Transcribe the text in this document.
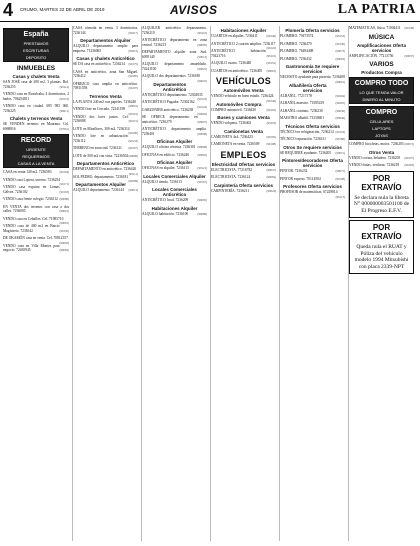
4 CRUMO, MARTES 22 DE ABRIL DE 2019	AVISOS	LA PATRIA
España
PRESTAMOS
ESCRITURAS
DEPOSITO
INMUEBLES
Casas y chalets Venta
SAN JOSÉ casa de 200 m2, 3 plantas. Ref. 7236255	(99114)
VENDO casa en Ruvalcaba, 4 dormitorios, 2 baños. 706254811	(99172)
VENDO casa en ciudad. 695 985 060. 7236225	(99011)
Chalets y terrenos Venta
SE VENDEN terrenos en Maurana. Cel. 6068816	(97061)
RECORD
URGENTE
REQUERIMOS
CASAS A LA VENTA
CASA en venta 140 m2. 7236583	(99104)
VENDO casa Lopera, terreno. 7236254
(99171)
VENDO casa esquina en Lomas Gálvez. 7236102	(99103)
VENDO casa frente colegio. 7236312 (99089)
EN VENTA dos terrenos con casa a dos calles. 7236005	(99016)
VENDO casa en Ceballos. Cel. 71985710
(99081)
VENDO casa de 400 m2 en Barrio Magisterio. 7236542	(99130)
DE OKAMÓN casa en venta. Cel. 70812557
(99002)
VENDO casa en Villa Montes para negocio. 72465945	(99062)
CASA cómoda en venta, 3 dormitorios. 7236144	(99217)
Departamentos Alquiler
ALQUILO departamento amplio para empresa. 71236065	(99212)
Casas y chalets Anticrético
SE DA casa en anticrético. 7236214 (99175)
CASA en anticrético, zona San Miguel. 7236412	(99185)
OFREZCO casa amplia en anticrético. 70811558	(99107)
Terrenos Venta
LA PLANTA 240 m2 con papeles. 7236240
(99091)
VENDO lote en Cercado. 72341198
(99101)
VENDO dos lotes juntos. Cel. 7236088	(99115)
LOTE en Miraflores, 300 m2. 7236314
(99100)
VENDO lote en urbanización. 7236112	(99133)
TERRENO en zona sud. 7236121 (99107)
LOTE de 500 m2 con vista. 72236502 (99096)
Departamentos Anticrético
DEPARTAMENTO en anticrético. 7236420
(99111)
SOL PEDRO, departamento. 7236181
(99209)
Departamentos Alquiler
ALQUILO departamento. 7236144 (99014)
ALQUILER anticrético departamento. 7236219	(99110)
ANTICRÉTICO departamento en zona central. 7236213	(99085)
DEPARTAMENTO alquiler zona Sud. 6095140	(99013)
ALQUILO departamento amueblado. 74241100	(99025)
ALQUILO dos departamentos. 7236180
(99022)
Departamentos Anticrético
ANTICRÉTICO departamento. 72302035
(99123)
ANTICRÉTICO Pagador. 72302162
(99124)
GARZONIER anticrético. 7236238
(99092)
SE OFRECE departamento en anticrético. 7236279	(99097)
ANTICRÉTICO departamento amplio. 7236401	(99098)
Oficinas Alquiler
ALQUILO oficina céntrica. 7236301 (99098)
OFICINAS en edificio. 7236240	(99092)
Oficinas Alquiler
OFICINAS en alquiler. 7236113	(99121)
Locales Comerciales Alquiler
ALQUILO tienda. 7236113	(99167)
Locales Comerciales Anticrético
ANTICRÉTICO local. 7236209	(99065)
Habitaciones Alquiler
ALQUILO habitación. 7236100	(99089)
Habitaciones Alquiler
CUARTOS en alquiler. 7236411	(99146)
ANTICRÉTICO 2 cuartos amplios. 7236117
(99122)
ANTICRÉTICO habitación. 70423716	(99119)
ALQUILO cuarto. 7236440	(99152)
CUARTOS en anticrético. 7236405 (99061)
VEHÍCULOS
Automóviles Venta
VENDO vehículo en buen estado. 7236424
(99146)
Automóviles Compra
COMPRO automóvil. 7236430	(99102)
Buses y camiones Venta
VENDO volqueta. 7236402	(99118)
Camionetas Venta
CAMIONETA 4x4. 7236423	(99105)
CAMIONETA en venta. 7236509 (99108)
EMPLEOS
Electricidad Ofertas servicios
ELECTRICISTA. 77216782	(99047)
ELECTRICISTA. 7236124	(99084)
Carpintería Oferta servicios
CARPINTERÍA. 7236211	(99024)
Plomería Oferta servicios
PLOMERO. 79473574	(99152)
PLOMERO. 7236470	(99136)
PLOMERO. 76494408	(99073)
PLOMERO. 7236432	(99093)
Gastronomía Se requiere servicios
NECESITO ayudante para pizzería. 7236208
(99001)
Albañilería Oferta servicios
ALBAÑIL. 77217178	(99204)
ALBAÑIL maestro. 71585419	(99205)
ALBAÑIL contrato. 7236230	(99036)
MAESTRO albañil. 73330601	(99046)
Técnicos Oferta servicios
TÉCNICO en refrigeración. 7236214 (99143)
TÉCNICO reparación. 7236311	(99168)
Otros Se requiere servicios
SE REQUIERE ayudante. 7236205 (99015)
Pintores/decoradores Oferta servicios
PINTOR. 7236232	(99075)
PINTOR experto. 70114504	(99148)
Profesores Oferta servicios
PROFESOR de matemáticas. 67229814
(99113)
MATEMÁTICAS, física. 71004411 (99138)
MÚSICA
Amplificaciones Oferta servicios
AMPLIFICACIÓN. 77213756	(99037)
VARIOS
Productos Compra
COMPRO TODO
LO QUE TENGA VALOR
DINERO AL MINUTO
COMPRO
CELULARES
LAPTOPS
JOYAS
COMPRO bicicletas, motos. 7236203 (99072)
Otros Venta
VENDO cocina, heladera. 7236205 (99107)
VENDO frutas, verduras. 7236218 (99183)
POR EXTRAVÍO
Se declara nula la libreta N° 000000003501100 de El Progreso E.F.V.
POR EXTRAVÍO
Queda nula el RUAT y Póliza del vehículo modelo 1994 Mitsubishi con placa 2339-NPT
